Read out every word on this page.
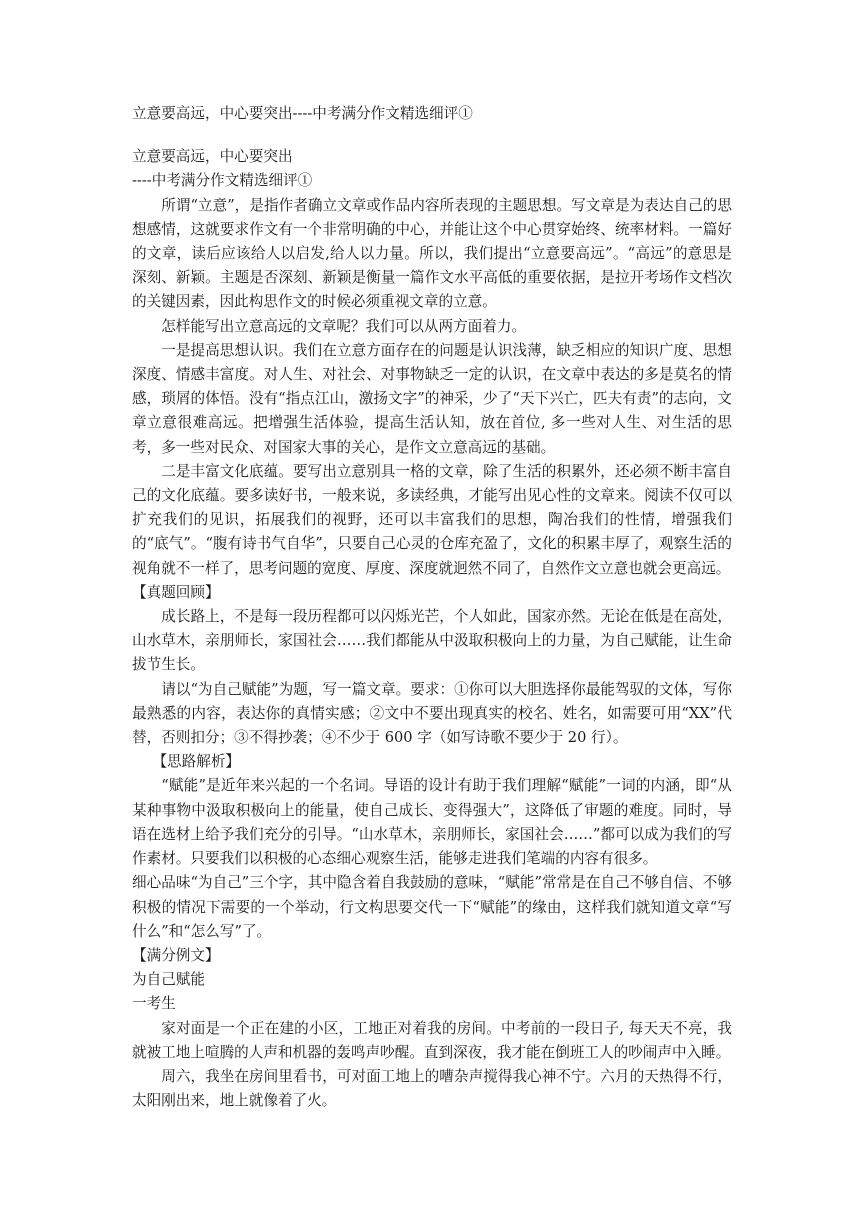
立意要高远，中心要突出----中考满分作文精选细评①

立意要高远，中心要突出

----中考满分作文精选细评①

所谓“立意”，是指作者确立文章或作品内容所表现的主题思想。写文章是为表达自己的思想感情，这就要求作文有一个非常明确的中心，并能让这个中心贯穿始终、统率材料。一篇好的文章，读后应该给人以启发,给人以力量。所以，我们提出“立意要高远”。“高远”的意思是深刻、新颖。主题是否深刻、新颖是衡量一篇作文水平高低的重要依据，是拉开考场作文档次的关键因素，因此构思作文的时候必须重视文章的立意。

怎样能写出立意高远的文章呢？我们可以从两方面着力。

一是提高思想认识。我们在立意方面存在的问题是认识浅薄，缺乏相应的知识广度、思想深度、情感丰富度。对人生、对社会、对事物缺乏一定的认识，在文章中表达的多是莫名的情感，琐屑的体悟。没有“指点江山，激扬文字”的神采，少了“天下兴亡，匹夫有责”的志向，文章立意很难高远。把增强生活体验，提高生活认知，放在首位, 多一些对人生、对生活的思考，多一些对民众、对国家大事的关心，是作文立意高远的基础。

二是丰富文化底蕴。要写出立意别具一格的文章，除了生活的积累外，还必须不断丰富自己的文化底蕴。要多读好书，一般来说，多读经典，才能写出见心性的文章来。阅读不仅可以扩充我们的见识，拓展我们的视野，还可以丰富我们的思想，陶冶我们的性情，增强我们的“底气”。“腹有诗书气自华”，只要自己心灵的仓库充盈了，文化的积累丰厚了，观察生活的视角就不一样了，思考问题的宽度、厚度、深度就迥然不同了，自然作文立意也就会更高远。

【真题回顾】

成长路上，不是每一段历程都可以闪烁光芒，个人如此，国家亦然。无论在低是在高处，山水草木，亲朋师长，家国社会……我们都能从中汲取积极向上的力量，为自己赋能，让生命拔节生长。

请以“为自己赋能”为题，写一篇文章。要求：①你可以大胆选择你最能驾驭的文体，写你最熟悉的内容，表达你的真情实感；②文中不要出现真实的校名、姓名，如需要可用“XX”代替，否则扣分；③不得抄袭；④不少于 600 字（如写诗歌不要少于 20 行）。

【思路解析】

“赋能”是近年来兴起的一个名词。导语的设计有助于我们理解“赋能”一词的内涵，即“从某种事物中汲取积极向上的能量，使自己成长、变得强大”，这降低了审题的难度。同时，导语在选材上给予我们充分的引导。“山水草木，亲朋师长，家国社会……”都可以成为我们的写作素材。只要我们以积极的心态细心观察生活，能够走进我们笔端的内容有很多。

细心品味“为自己”三个字，其中隐含着自我鼓励的意味，“赋能”常常是在自己不够自信、不够积极的情况下需要的一个举动，行文构思要交代一下“赋能”的缘由，这样我们就知道文章“写什么”和“怎么写”了。

【满分例文】

为自己赋能

一考生

家对面是一个正在建的小区，工地正对着我的房间。中考前的一段日子, 每天天不亮，我就被工地上喧腾的人声和机器的轰鸣声吵醒。直到深夜，我才能在倒班工人的吵闹声中入睡。

周六，我坐在房间里看书，可对面工地上的嘈杂声搅得我心神不宁。六月的天热得不行，太阳刚出来，地上就像着了火。
